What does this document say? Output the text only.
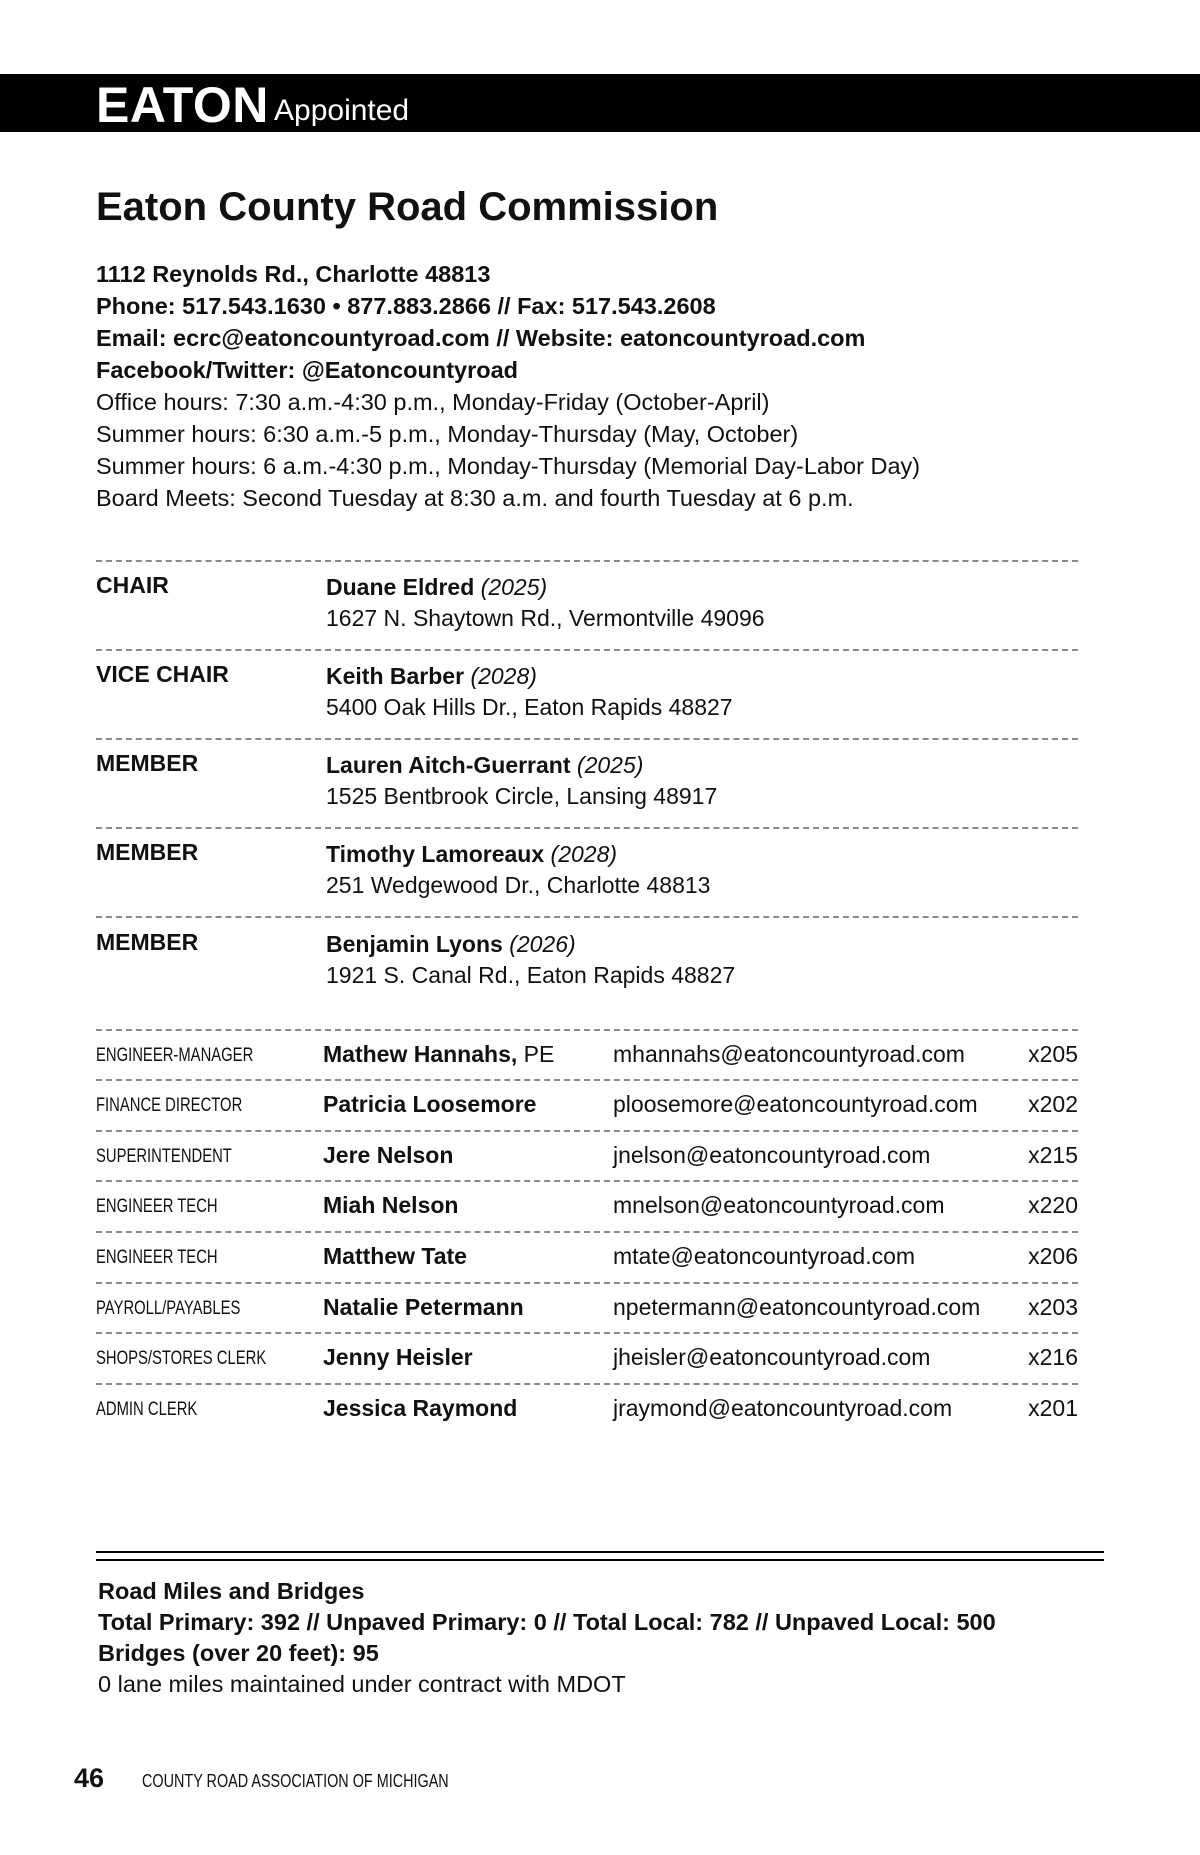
EATON Appointed
Eaton County Road Commission
1112 Reynolds Rd., Charlotte 48813
Phone: 517.543.1630 • 877.883.2866 // Fax: 517.543.2608
Email: ecrc@eatoncountyroad.com // Website: eatoncountyroad.com
Facebook/Twitter: @Eatoncountyroad
Office hours: 7:30 a.m.-4:30 p.m., Monday-Friday (October-April)
Summer hours: 6:30 a.m.-5 p.m., Monday-Thursday (May, October)
Summer hours: 6 a.m.-4:30 p.m., Monday-Thursday (Memorial Day-Labor Day)
Board Meets: Second Tuesday at 8:30 a.m. and fourth Tuesday at 6 p.m.
CHAIR	Duane Eldred (2025)
1627 N. Shaytown Rd., Vermontville 49096
VICE CHAIR	Keith Barber (2028)
5400 Oak Hills Dr., Eaton Rapids 48827
MEMBER	Lauren Aitch-Guerrant (2025)
1525 Bentbrook Circle, Lansing 48917
MEMBER	Timothy Lamoreaux (2028)
251 Wedgewood Dr., Charlotte 48813
MEMBER	Benjamin Lyons (2026)
1921 S. Canal Rd., Eaton Rapids 48827
ENGINEER-MANAGER	Mathew Hannahs, PE	mhannahs@eatoncountyroad.com	x205
FINANCE DIRECTOR	Patricia Loosemore	ploosemore@eatoncountyroad.com x202
SUPERINTENDENT	Jere Nelson	jnelson@eatoncountyroad.com	x215
ENGINEER TECH	Miah Nelson	mnelson@eatoncountyroad.com	x220
ENGINEER TECH	Matthew Tate	mtate@eatoncountyroad.com	x206
PAYROLL/PAYABLES	Natalie Petermann	npetermann@eatoncountyroad.com x203
SHOPS/STORES CLERK Jenny Heisler	jheisler@eatoncountyroad.com	x216
ADMIN CLERK	Jessica Raymond	jraymond@eatoncountyroad.com	x201
Road Miles and Bridges
Total Primary: 392 // Unpaved Primary: 0 // Total Local: 782 // Unpaved Local: 500
Bridges (over 20 feet): 95
0 lane miles maintained under contract with MDOT
46 COUNTY ROAD ASSOCIATION OF MICHIGAN
